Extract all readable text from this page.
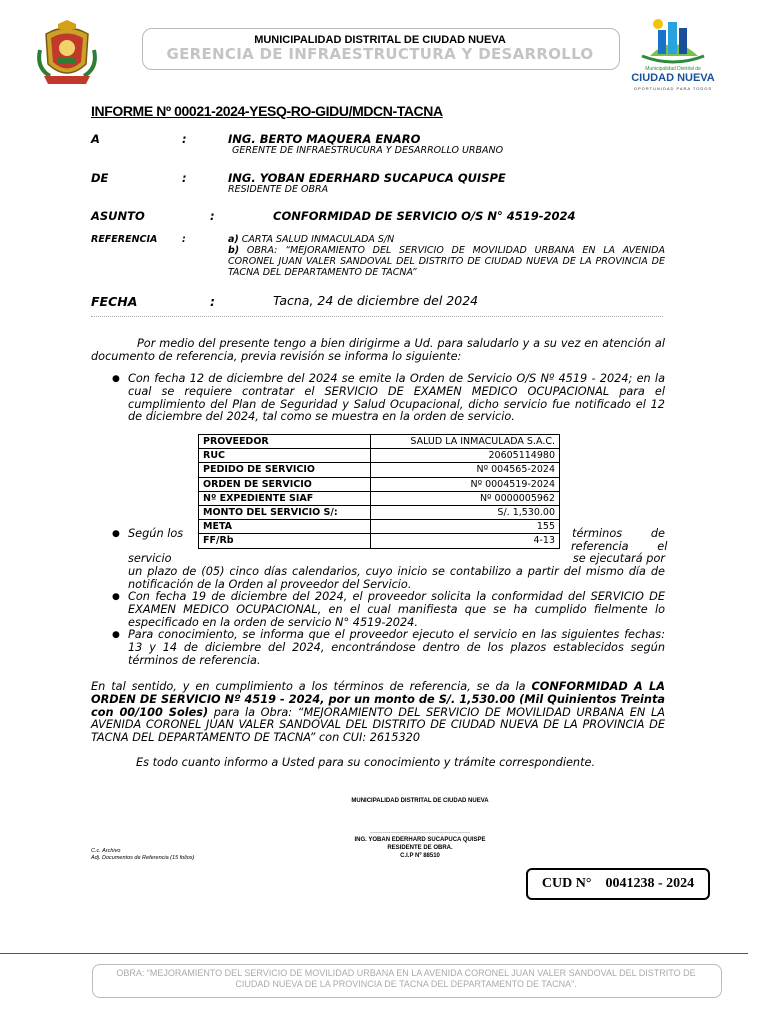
MUNICIPALIDAD DISTRITAL DE CIUDAD NUEVA
GERENCIA DE INFRAESTRUCTURA Y DESARROLLO
Municipalidad Distrital de
CIUDAD NUEVA
OPORTUNIDAD PARA TODOS
INFORME Nº 00021-2024-YESQ-RO-GIDU/MDCN-TACNA
A	:	ING. BERTO MAQUERA ENARO
GERENTE DE INFRAESTRUCURA Y DESARROLLO URBANO
DE	:	ING. YOBAN EDERHARD SUCAPUCA QUISPE
RESIDENTE DE OBRA
ASUNTO	:	CONFORMIDAD DE SERVICIO O/S N° 4519-2024
REFERENCIA	:	a) CARTA SALUD INMACULADA S/N
b) OBRA: “MEJORAMIENTO DEL SERVICIO DE MOVILIDAD URBANA EN LA AVENIDA CORONEL JUAN VALER SANDOVAL DEL DISTRITO DE CIUDAD NUEVA DE LA PROVINCIA DE TACNA DEL DEPARTAMENTO DE TACNA”
FECHA	:	Tacna, 24 de diciembre del 2024
Por medio del presente tengo a bien dirigirme a Ud. para saludarlo y a su vez en atención al documento de referencia, previa revisión se informa lo siguiente:
● Con fecha 12 de diciembre del 2024 se emite la Orden de Servicio O/S Nº 4519 - 2024; en la cual se requiere contratar el SERVICIO DE EXAMEN MEDICO OCUPACIONAL para el cumplimiento del Plan de Seguridad y Salud Ocupacional, dicho servicio fue notificado el 12 de diciembre del 2024, tal como se muestra en la orden de servicio.
PROVEEDOR	SALUD LA INMACULADA S.A.C.
RUC	20605114980
PEDIDO DE SERVICIO	Nº 004565-2024
ORDEN DE SERVICIO	Nº 0004519-2024
Nº EXPEDIENTE SIAF	Nº 0000005962
MONTO DEL SERVICIO S/:	S/. 1,530.00
META	155
FF/Rb	4-13
● Según los
servicio
términos        de
referencia        el
se ejecutará por
un plazo de (05) cinco días calendarios, cuyo inicio se contabilizo a partir del mismo día de notificación de la Orden al proveedor del Servicio.
● Con fecha 19 de diciembre del 2024, el proveedor solicita la conformidad del SERVICIO DE EXAMEN MEDICO OCUPACIONAL, en el cual manifiesta que se ha cumplido fielmente lo especificado en la orden de servicio N° 4519-2024.
● Para conocimiento, se informa que el proveedor ejecuto el servicio en las siguientes fechas: 13 y 14 de diciembre del 2024, encontrándose dentro de los plazos establecidos según términos de referencia.
En tal sentido, y en cumplimiento a los términos de referencia, se da la CONFORMIDAD A LA ORDEN DE SERVICIO Nº 4519 - 2024, por un monto de S/. 1,530.00 (Mil Quinientos Treinta con 00/100 Soles) para la Obra: “MEJORAMIENTO DEL SERVICIO DE MOVILIDAD URBANA EN LA AVENIDA CORONEL JUAN VALER SANDOVAL DEL DISTRITO DE CIUDAD NUEVA DE LA PROVINCIA DE TACNA DEL DEPARTAMENTO DE TACNA” con CUI: 2615320
Es todo cuanto informo a Usted para su conocimiento y trámite correspondiente.
MUNICIPALIDAD DISTRITAL DE CIUDAD NUEVA
______________________________
ING. YOBAN EDERHARD SUCAPUCA QUISPE
RESIDENTE DE OBRA.
C.I.P Nº 88510
C.c. Archivo
Adj. Documentos de Referencia (15 folios)
CUD N° 0041238 - 2024
OBRA: “MEJORAMIENTO DEL SERVICIO DE MOVILIDAD URBANA EN LA AVENIDA CORONEL JUAN VALER SANDOVAL DEL DISTRITO DE CIUDAD NUEVA DE LA PROVINCIA DE TACNA DEL DEPARTAMENTO DE TACNA”.
